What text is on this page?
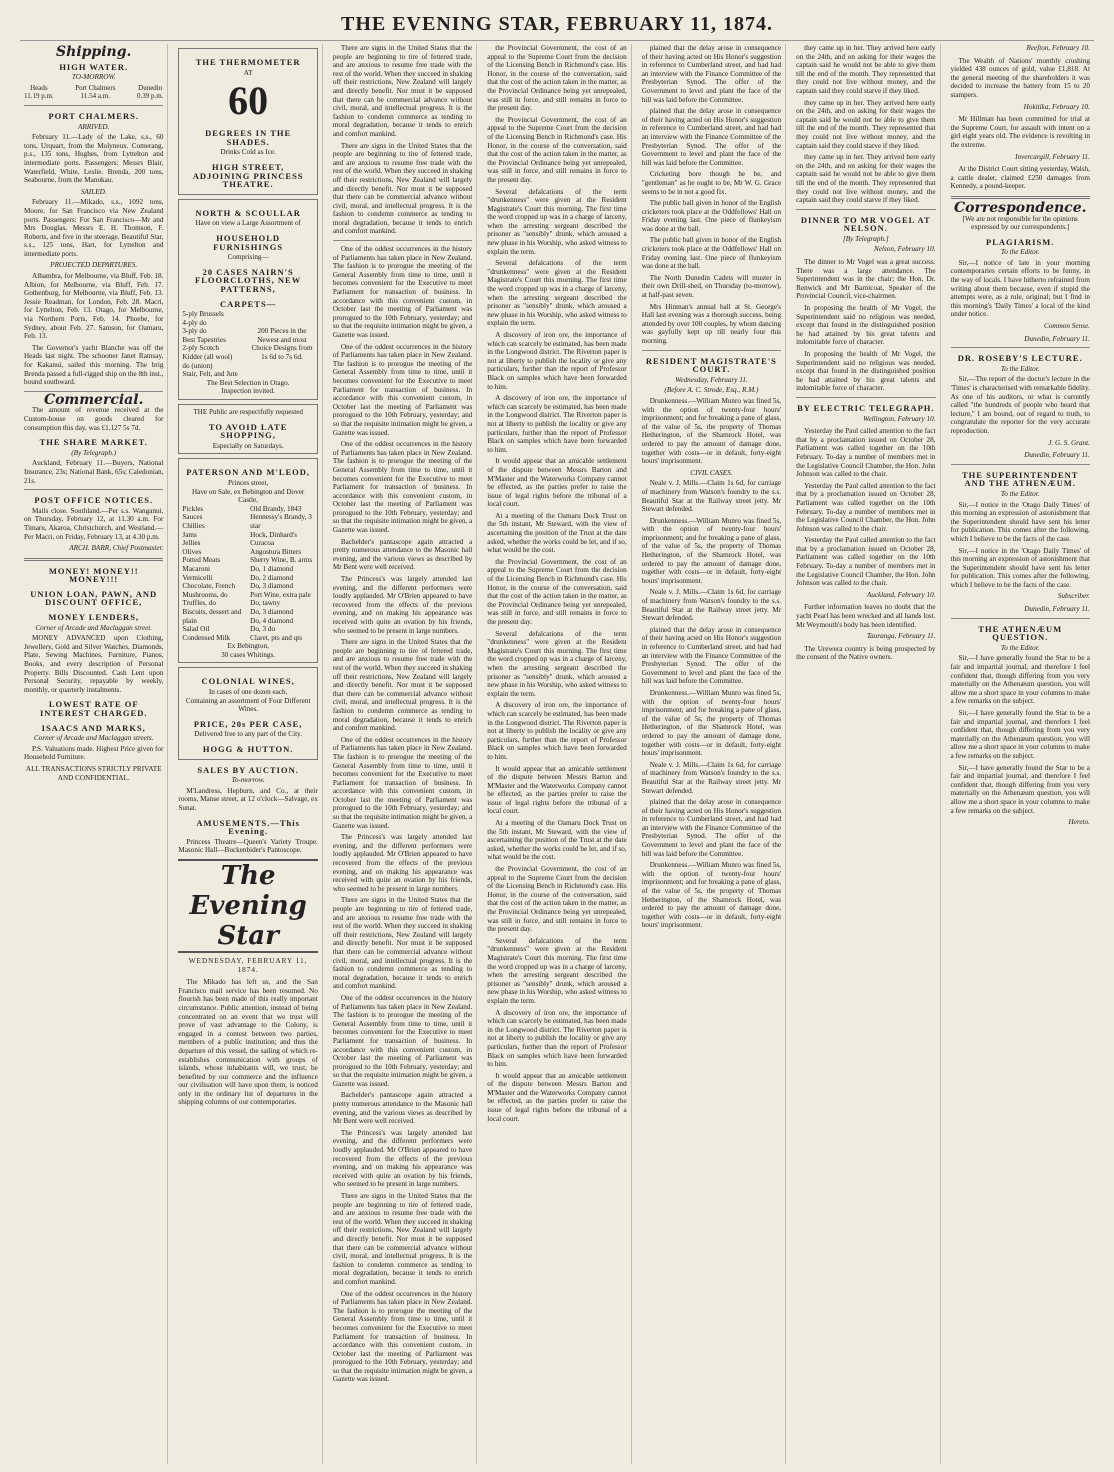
THE EVENING STAR, FEBRUARY 11, 1874.
Shipping.
HIGH WATER.
TO-MORROW.
Heads
11.19 p.m.
Port Chalmers
11.54 a.m.
Dunedin
0.39 p.m.
PORT CHALMERS.
ARRIVED.

February 11.—Lady of the Lake, s.s., 60 tons, Urquart, from the Molyneux. Comerang, p.s., 135 tons, Hughes, from Lyttelton and intermediate ports. Passengers: Messrs Blair, Waterfield, White, Leslie. Brenda, 200 tons, Seabourne, from the Manukau.

SAILED.

February 11.—Mikado, s.s., 1092 tons, Moore, for San Francisco via New Zealand ports. Passengers: For San Francisco—Mr and Mrs Douglas, Messrs E. H. Thomson, F. Roberts, and five in the steerage. Beautiful Star, s.s., 125 tons, Hart, for Lyttelton and intermediate ports.

PROJECTED DEPARTURES.

Alhambra, for Melbourne, via Bluff, Feb. 18. Albion, for Melbourne, via Bluff, Feb. 17. Gothenburg, for Melbourne, via Bluff, Feb. 13. Jessie Readman, for London, Feb. 28. Macri, for Lyttelton, Feb. 13. Otago, for Melbourne, via Northern Ports, Feb. 14. Phoebe, for Sydney, about Feb. 27. Samson, for Oamaru, Feb. 13.

The Governor's yacht Blanche was off the Heads last night. The schooner Janet Ramsay, for Kakanui, sailed this morning. The brig Brenda passed a full-rigged ship on the 8th inst., bound southward.

Commercial.

The amount of revenue received at the Custom-house on goods cleared for consumption this day, was £1,127 5s 7d.

THE SHARE MARKET.
(By Telegraph.)

Auckland, February 11.—Buyers, National Insurance, 23s; National Bank, 65s; Caledonian, 21s.

POST OFFICE NOTICES.

Mails close. Southland.—Per s.s. Wanganui, on Thursday, February 12, at 11.30 a.m. For Timaru, Akaroa, Christchurch, and Westland.—Per Macri, on Friday, February 13, at 4.30 p.m.

ARCH. BARR, Chief Postmaster.
MONEY! MONEY!! MONEY!!!
UNION LOAN, PAWN, AND DISCOUNT OFFICE,
MONEY LENDERS,
Corner of Arcade and Maclaggan street.

MONEY ADVANCED upon Clothing, Jewellery, Gold and Silver Watches, Diamonds, Plate, Sewing Machines, Furniture, Pianos, Books, and every description of Personal Property. Bills Discounted. Cash Lent upon Personal Security, repayable by weekly, monthly, or quarterly instalments.

LOWEST RATE OF INTEREST CHARGED.
ISAACS AND MARKS,
Corner of Arcade and Maclaggan streets.

P.S. Valuations made. Highest Price given for Household Furniture.

ALL TRANSACTIONS STRICTLY PRIVATE AND CONFIDENTIAL.

THE THERMOMETER
AT
60
DEGREES IN THE SHADES.
Drinks Cold as Ice.
HIGH STREET, ADJOINING PRINCESS THEATRE.
NORTH & SCOULLAR
Have on view a Large Assortment of
HOUSEHOLD FURNISHINGS
Comprising—
20 CASES NAIRN'S FLOORCLOTHS, NEW PATTERNS,
CARPETS—
5-ply Brussels
4-ply do
3-ply do
Best Tapestries
2-ply Scotch
Kidder (all wool)
do (union)
Stair, Felt, and Jute
200 Pieces in the Newest and most Choice Designs from 1s 6d to 7s 6d.
The Best Selection in Otago.
Inspection invited.
THE Public are respectfully requested
TO AVOID LATE SHOPPING,
Especially on Saturdays.
PATERSON AND M'LEOD,
Princes street,
Have on Sale, ex Bebington and Dover Castle,
Pickles
Sauces
Chillies
Jams
Jellies
Olives
Potted Meats
Macaroni
Vermicelli
Chocolate, French
Mushrooms, do
Truffles, do
Biscuits, dessert and plain
Salad Oil
Condensed Milk
Old Brandy, 1843
Hennessy's Brandy, 3 star
Hock, Dinhard's
Curacoa
Angostura Bitters
Sherry Wine, B. arms
Do, 1 diamond
Do, 2 diamond
Do, 3 diamond
Port Wine, extra pale
Do, tawny
Do, 3 diamond
Do, 4 diamond
Do, 3 do
Claret, pts and qts
Ex Bebington,
30 cases Whitings.
COLONIAL WINES,
In cases of one dozen each,
Containing an assortment of Four Different
Wines.
PRICE, 20s PER CASE,
Delivered free to any part of the City.
HOGG & HUTTON.
SALES BY AUCTION.
To-morrow.

M'Landress, Hepburn, and Co., at their rooms, Manse street, at 12 o'clock—Salvage, ex Sunat.

AMUSEMENTS.—This Evening.

Princess Theatre—Queen's Variety Troupe. Masonic Hall—Buckenbider's Pantoscope.

The Evening Star
WEDNESDAY, FEBRUARY 11, 1874.

The Mikado has left us, and the San Francisco mail service has been resumed. No flourish has been made of this really important circumstance. Public attention, instead of being concentrated on an event that we trust will prove of vast advantage to the Colony, is engaged in a contest between two parties, members of a public institution; and thus the departure of this vessel, the sailing of which re-establishes communication with groups of islands, whose inhabitants will, we trust, be benefited by our commerce and the influence our civilisation will have upon them, is noticed only in the ordinary list of departures in the shipping columns of our contemporaries.

There are signs in the United States that the people are beginning to tire of fettered trade, and are anxious to resume free trade with the rest of the world. When they succeed in shaking off their restrictions, New Zealand will largely and directly benefit. Nor must it be supposed that there can be commercial advance without civil, moral, and intellectual progress. It is the fashion to condemn commerce as tending to moral degradation, because it tends to enrich and comfort mankind.

There are signs in the United States that the people are beginning to tire of fettered trade, and are anxious to resume free trade with the rest of the world. When they succeed in shaking off their restrictions, New Zealand will largely and directly benefit. Nor must it be supposed that there can be commercial advance without civil, moral, and intellectual progress. It is the fashion to condemn commerce as tending to moral degradation, because it tends to enrich and comfort mankind.

One of the oddest occurrences in the history of Parliaments has taken place in New Zealand. The fashion is to prorogue the meeting of the General Assembly from time to time, until it becomes convenient for the Executive to meet Parliament for transaction of business. In accordance with this convenient custom, in October last the meeting of Parliament was prorogued to the 10th February, yesterday; and so that the requisite intimation might be given, a Gazette was issued.

One of the oddest occurrences in the history of Parliaments has taken place in New Zealand. The fashion is to prorogue the meeting of the General Assembly from time to time, until it becomes convenient for the Executive to meet Parliament for transaction of business. In accordance with this convenient custom, in October last the meeting of Parliament was prorogued to the 10th February, yesterday; and so that the requisite intimation might be given, a Gazette was issued.

One of the oddest occurrences in the history of Parliaments has taken place in New Zealand. The fashion is to prorogue the meeting of the General Assembly from time to time, until it becomes convenient for the Executive to meet Parliament for transaction of business. In accordance with this convenient custom, in October last the meeting of Parliament was prorogued to the 10th February, yesterday; and so that the requisite intimation might be given, a Gazette was issued.

Bachelder's pantascope again attracted a pretty numerous attendance to the Masonic hall evening, and the various views as described by Mr Bent were well received.

The Princess's was largely attended last evening, and the different performers were loudly applauded. Mr O'Brien appeared to have recovered from the effects of the previous evening, and on making his appearance was received with quite an ovation by his friends, who seemed to be present in large numbers.

There are signs in the United States that the people are beginning to tire of fettered trade, and are anxious to resume free trade with the rest of the world. When they succeed in shaking off their restrictions, New Zealand will largely and directly benefit. Nor must it be supposed that there can be commercial advance without civil, moral, and intellectual progress. It is the fashion to condemn commerce as tending to moral degradation, because it tends to enrich and comfort mankind.

One of the oddest occurrences in the history of Parliaments has taken place in New Zealand. The fashion is to prorogue the meeting of the General Assembly from time to time, until it becomes convenient for the Executive to meet Parliament for transaction of business. In accordance with this convenient custom, in October last the meeting of Parliament was prorogued to the 10th February, yesterday; and so that the requisite intimation might be given, a Gazette was issued.

The Princess's was largely attended last evening, and the different performers were loudly applauded. Mr O'Brien appeared to have recovered from the effects of the previous evening, and on making his appearance was received with quite an ovation by his friends, who seemed to be present in large numbers.

There are signs in the United States that the people are beginning to tire of fettered trade, and are anxious to resume free trade with the rest of the world. When they succeed in shaking off their restrictions, New Zealand will largely and directly benefit. Nor must it be supposed that there can be commercial advance without civil, moral, and intellectual progress. It is the fashion to condemn commerce as tending to moral degradation, because it tends to enrich and comfort mankind.

One of the oddest occurrences in the history of Parliaments has taken place in New Zealand. The fashion is to prorogue the meeting of the General Assembly from time to time, until it becomes convenient for the Executive to meet Parliament for transaction of business. In accordance with this convenient custom, in October last the meeting of Parliament was prorogued to the 10th February, yesterday; and so that the requisite intimation might be given, a Gazette was issued.

Bachelder's pantascope again attracted a pretty numerous attendance to the Masonic hall evening, and the various views as described by Mr Bent were well received.

The Princess's was largely attended last evening, and the different performers were loudly applauded. Mr O'Brien appeared to have recovered from the effects of the previous evening, and on making his appearance was received with quite an ovation by his friends, who seemed to be present in large numbers.

There are signs in the United States that the people are beginning to tire of fettered trade, and are anxious to resume free trade with the rest of the world. When they succeed in shaking off their restrictions, New Zealand will largely and directly benefit. Nor must it be supposed that there can be commercial advance without civil, moral, and intellectual progress. It is the fashion to condemn commerce as tending to moral degradation, because it tends to enrich and comfort mankind.

One of the oddest occurrences in the history of Parliaments has taken place in New Zealand. The fashion is to prorogue the meeting of the General Assembly from time to time, until it becomes convenient for the Executive to meet Parliament for transaction of business. In accordance with this convenient custom, in October last the meeting of Parliament was prorogued to the 10th February, yesterday; and so that the requisite intimation might be given, a Gazette was issued.

the Provincial Government, the cost of an appeal to the Supreme Court from the decision of the Licensing Bench in Richmond's case. His Honor, in the course of the conversation, said that the cost of the action taken in the matter, as the Provincial Ordinance being yet unrepealed, was still in force, and still remains in force to the present day.

the Provincial Government, the cost of an appeal to the Supreme Court from the decision of the Licensing Bench in Richmond's case. His Honor, in the course of the conversation, said that the cost of the action taken in the matter, as the Provincial Ordinance being yet unrepealed, was still in force, and still remains in force to the present day.

Several defalcations of the term "drunkenness" were given at the Resident Magistrate's Court this morning. The first time the word cropped up was in a charge of larceny, when the arresting sergeant described the prisoner as "sensibly" drunk, which aroused a new phase in his Worship, who asked witness to explain the term.

Several defalcations of the term "drunkenness" were given at the Resident Magistrate's Court this morning. The first time the word cropped up was in a charge of larceny, when the arresting sergeant described the prisoner as "sensibly" drunk, which aroused a new phase in his Worship, who asked witness to explain the term.

A discovery of iron ore, the importance of which can scarcely be estimated, has been made in the Longwood district. The Riverton paper is not at liberty to publish the locality or give any particulars, further than the report of Professor Black on samples which have been forwarded to him.

A discovery of iron ore, the importance of which can scarcely be estimated, has been made in the Longwood district. The Riverton paper is not at liberty to publish the locality or give any particulars, further than the report of Professor Black on samples which have been forwarded to him.

It would appear that an amicable settlement of the dispute between Messrs Barton and M'Master and the Waterworks Company cannot be effected, as the parties prefer to raise the issue of legal rights before the tribunal of a local court.

At a meeting of the Oamaru Dock Trust on the 5th instant, Mr Steward, with the view of ascertaining the position of the Trust at the date asked, whether the works could be let, and if so, what would be the cost.

the Provincial Government, the cost of an appeal to the Supreme Court from the decision of the Licensing Bench in Richmond's case. His Honor, in the course of the conversation, said that the cost of the action taken in the matter, as the Provincial Ordinance being yet unrepealed, was still in force, and still remains in force to the present day.

Several defalcations of the term "drunkenness" were given at the Resident Magistrate's Court this morning. The first time the word cropped up was in a charge of larceny, when the arresting sergeant described the prisoner as "sensibly" drunk, which aroused a new phase in his Worship, who asked witness to explain the term.

A discovery of iron ore, the importance of which can scarcely be estimated, has been made in the Longwood district. The Riverton paper is not at liberty to publish the locality or give any particulars, further than the report of Professor Black on samples which have been forwarded to him.

It would appear that an amicable settlement of the dispute between Messrs Barton and M'Master and the Waterworks Company cannot be effected, as the parties prefer to raise the issue of legal rights before the tribunal of a local court.

At a meeting of the Oamaru Dock Trust on the 5th instant, Mr Steward, with the view of ascertaining the position of the Trust at the date asked, whether the works could be let, and if so, what would be the cost.

the Provincial Government, the cost of an appeal to the Supreme Court from the decision of the Licensing Bench in Richmond's case. His Honor, in the course of the conversation, said that the cost of the action taken in the matter, as the Provincial Ordinance being yet unrepealed, was still in force, and still remains in force to the present day.

Several defalcations of the term "drunkenness" were given at the Resident Magistrate's Court this morning. The first time the word cropped up was in a charge of larceny, when the arresting sergeant described the prisoner as "sensibly" drunk, which aroused a new phase in his Worship, who asked witness to explain the term.

A discovery of iron ore, the importance of which can scarcely be estimated, has been made in the Longwood district. The Riverton paper is not at liberty to publish the locality or give any particulars, further than the report of Professor Black on samples which have been forwarded to him.

It would appear that an amicable settlement of the dispute between Messrs Barton and M'Master and the Waterworks Company cannot be effected, as the parties prefer to raise the issue of legal rights before the tribunal of a local court.

plained that the delay arose in consequence of their having acted on His Honor's suggestion in reference to Cumberland street, and had had an interview with the Finance Committee of the Presbyterian Synod. The offer of the Government to level and plant the face of the hill was laid before the Committee.

plained that the delay arose in consequence of their having acted on His Honor's suggestion in reference to Cumberland street, and had had an interview with the Finance Committee of the Presbyterian Synod. The offer of the Government to level and plant the face of the hill was laid before the Committee.

Cricketing bore though he be, and "gentleman" as he ought to be, Mr W. G. Grace seems to be in not a good fix.

The public ball given in honor of the English cricketers took place at the Oddfellows' Hall on Friday evening last. One piece of flunkeyism was done at the ball.

The public ball given in honor of the English cricketers took place at the Oddfellows' Hall on Friday evening last. One piece of flunkeyism was done at the ball.

The North Dunedin Cadets will muster in their own Drill-shed, on Thursday (to-morrow), at half-past seven.

Mrs Hinman's annual ball at St. George's Hall last evening was a thorough success, being attended by over 100 couples, by whom dancing was gayfully kept up till nearly four this morning.

RESIDENT MAGISTRATE'S COURT.
Wednesday, February 11.
(Before A. C. Strode, Esq., R.M.)

Drunkenness.—William Munro was fined 5s, with the option of twenty-four hours' imprisonment; and for breaking a pane of glass, of the value of 5s, the property of Thomas Hetherington, of the Shamrock Hotel, was ordered to pay the amount of damage done, together with costs—or in default, forty-eight hours' imprisonment.

CIVIL CASES.

Neale v. J. Mills.—Claim 1s 6d, for carriage of machinery from Watson's foundry to the s.s. Beautiful Star at the Railway street jetty. Mr Stewart defended.

Drunkenness.—William Munro was fined 5s, with the option of twenty-four hours' imprisonment; and for breaking a pane of glass, of the value of 5s, the property of Thomas Hetherington, of the Shamrock Hotel, was ordered to pay the amount of damage done, together with costs—or in default, forty-eight hours' imprisonment.

Neale v. J. Mills.—Claim 1s 6d, for carriage of machinery from Watson's foundry to the s.s. Beautiful Star at the Railway street jetty. Mr Stewart defended.

plained that the delay arose in consequence of their having acted on His Honor's suggestion in reference to Cumberland street, and had had an interview with the Finance Committee of the Presbyterian Synod. The offer of the Government to level and plant the face of the hill was laid before the Committee.

Drunkenness.—William Munro was fined 5s, with the option of twenty-four hours' imprisonment; and for breaking a pane of glass, of the value of 5s, the property of Thomas Hetherington, of the Shamrock Hotel, was ordered to pay the amount of damage done, together with costs—or in default, forty-eight hours' imprisonment.

Neale v. J. Mills.—Claim 1s 6d, for carriage of machinery from Watson's foundry to the s.s. Beautiful Star at the Railway street jetty. Mr Stewart defended.

plained that the delay arose in consequence of their having acted on His Honor's suggestion in reference to Cumberland street, and had had an interview with the Finance Committee of the Presbyterian Synod. The offer of the Government to level and plant the face of the hill was laid before the Committee.

Drunkenness.—William Munro was fined 5s, with the option of twenty-four hours' imprisonment; and for breaking a pane of glass, of the value of 5s, the property of Thomas Hetherington, of the Shamrock Hotel, was ordered to pay the amount of damage done, together with costs—or in default, forty-eight hours' imprisonment.

they came up in her. They arrived here early on the 24th, and on asking for their wages the captain said he would not be able to give them till the end of the month. They represented that they could not live without money, and the captain said they could starve if they liked.

they came up in her. They arrived here early on the 24th, and on asking for their wages the captain said he would not be able to give them till the end of the month. They represented that they could not live without money, and the captain said they could starve if they liked.

they came up in her. They arrived here early on the 24th, and on asking for their wages the captain said he would not be able to give them till the end of the month. They represented that they could not live without money, and the captain said they could starve if they liked.

DINNER TO MR VOGEL AT NELSON.
[By Telegraph.]
Nelson, February 10.

The dinner to Mr Vogel was a great success. There was a large attendance. The Superintendent was in the chair; the Hon. Dr. Renwick and Mr Barnicoat, Speaker of the Provincial Council, vice-chairmen.

In proposing the health of Mr Vogel, the Superintendent said no religious was needed, except that found in the distinguished position he had attained by his great talents and indomitable force of character.

In proposing the health of Mr Vogel, the Superintendent said no religious was needed, except that found in the distinguished position he had attained by his great talents and indomitable force of character.

BY ELECTRIC TELEGRAPH.
Wellington, February 10.

Yesterday the Paul called attention to the fact that by a proclamation issued on October 28, Parliament was called together on the 10th February. To-day a number of members met in the Legislative Council Chamber, the Hon. John Johnson was called to the chair.

Yesterday the Paul called attention to the fact that by a proclamation issued on October 28, Parliament was called together on the 10th February. To-day a number of members met in the Legislative Council Chamber, the Hon. John Johnson was called to the chair.

Yesterday the Paul called attention to the fact that by a proclamation issued on October 28, Parliament was called together on the 10th February. To-day a number of members met in the Legislative Council Chamber, the Hon. John Johnson was called to the chair.

Auckland, February 10.

Further information leaves no doubt that the yacht Pearl has been wrecked and all hands lost. Mr Weymouth's body has been identified.

Tauranga, February 11.

The Urewera country is being prospected by the consent of the Native owners.

Reefton, February 10.

The Wealth of Nations' monthly crushing yielded 438 ounces of gold, value £1,818. At the general meeting of the shareholders it was decided to increase the battery from 15 to 20 stampers.

Hokitika, February 10.

Mr Hillman has been committed for trial at the Supreme Court, for assault with intent on a girl eight years old. The evidence is revolting in the extreme.

Invercargill, February 11.

At the District Court sitting yesterday, Walsh, a cattle dealer, claimed £250 damages from Kennedy, a pound-keeper.

Correspondence.

[We are not responsible for the opinions expressed by our correspondents.]

PLAGIARISM.
To the Editor.

Sir,—I notice of late in your morning contemporaries certain efforts to be funny, in the way of locals. I have hitherto refrained from writing about them because, even if stupid the attempts were, as a rule, original; but I find in this morning's 'Daily Times' a local of the kind under notice.

Common Sense.
Dunedin, February 11.
DR. ROSEBY'S LECTURE.
To the Editor.

Sir,—The report of the doctor's lecture in the 'Times' is characterised with remarkable fidelity. As one of his auditors, or what is currently called "the hundreds of people who heard that lecture," I am bound, out of regard to truth, to congratulate the reporter for the very accurate reproduction.

J. G. S. Grant.
Dunedin, February 11.
THE SUPERINTENDENT AND THE ATHENÆUM.
To the Editor.

Sir,—I notice in the 'Otago Daily Times' of this morning an expression of astonishment that the Superintendent should have sent his letter for publication. This comes after the following, which I believe to be the facts of the case.

Sir,—I notice in the 'Otago Daily Times' of this morning an expression of astonishment that the Superintendent should have sent his letter for publication. This comes after the following, which I believe to be the facts of the case.

Subscriber.
Dunedin, February 11.
THE ATHENÆUM QUESTION.
To the Editor.

Sir,—I have generally found the Star to be a fair and impartial journal, and therefore I feel confident that, though differing from you very materially on the Athenæum question, you will allow me a short space in your columns to make a few remarks on the subject.

Sir,—I have generally found the Star to be a fair and impartial journal, and therefore I feel confident that, though differing from you very materially on the Athenæum question, you will allow me a short space in your columns to make a few remarks on the subject.

Sir,—I have generally found the Star to be a fair and impartial journal, and therefore I feel confident that, though differing from you very materially on the Athenæum question, you will allow me a short space in your columns to make a few remarks on the subject.

Hereto.
